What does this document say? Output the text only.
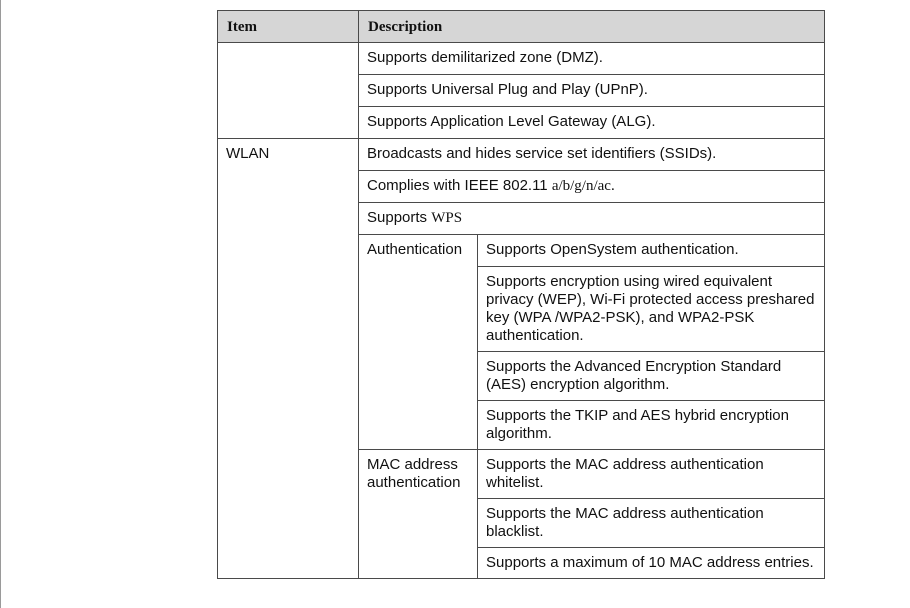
Item	Description	
	Supports demilitarized zone (DMZ).	
	Supports Universal Plug and Play (UPnP).	
	Supports Application Level Gateway (ALG).	
WLAN	Broadcasts and hides service set identifiers (SSIDs).	
	Complies with IEEE 802.11 a/b/g/n/ac.	
	Supports WPS	
	Authentication	Supports OpenSystem authentication.
		Supports encryption using wired equivalent privacy (WEP), Wi-Fi protected access preshared key (WPA /WPA2-PSK), and WPA2-PSK authentication.
		Supports the Advanced Encryption Standard (AES) encryption algorithm.
		Supports the TKIP and AES hybrid encryption algorithm.
	MAC address authentication	Supports the MAC address authentication whitelist.
		Supports the MAC address authentication blacklist.
		Supports a maximum of 10 MAC address entries.
